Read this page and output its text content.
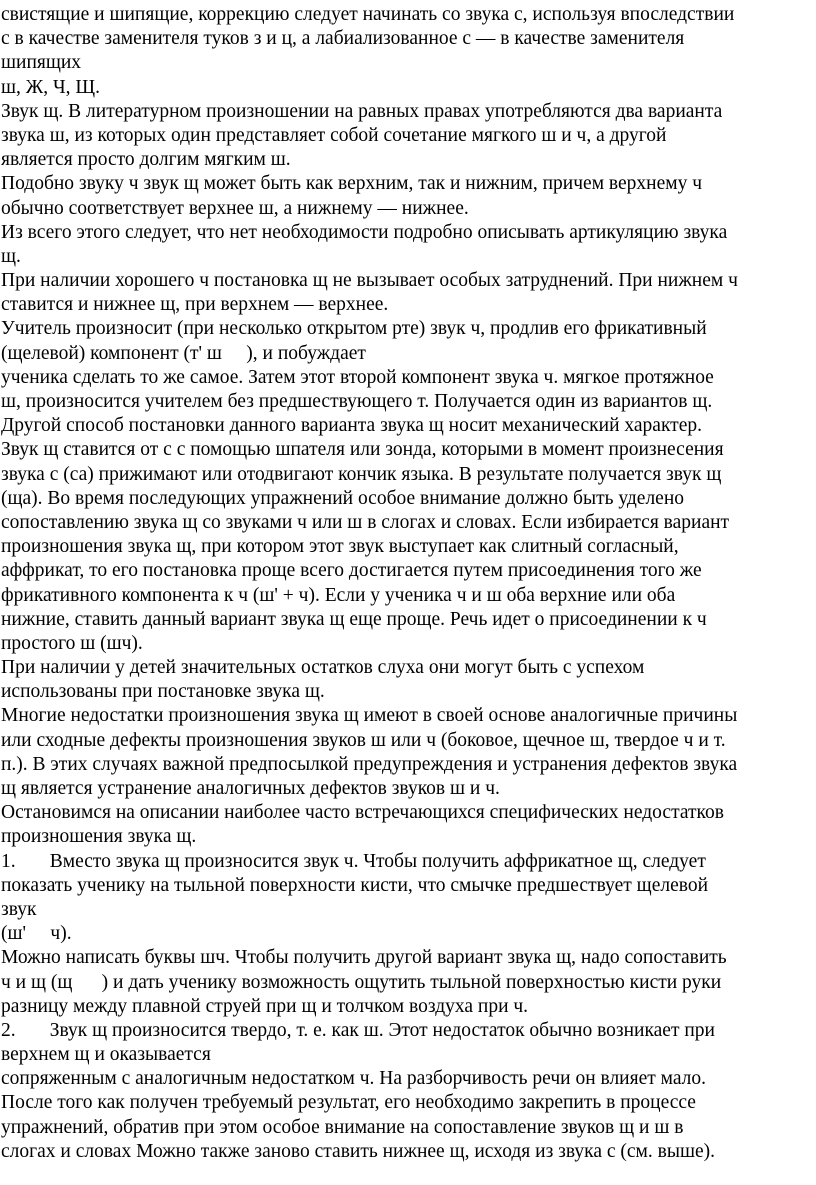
свистящие и шипящие, коррекцию следует начинать со звука с, используя впоследствии
с в качестве заменителя туков з и ц, а лабиализованное с — в качестве заменителя
шипящих
ш, Ж, Ч, Щ.
Звук щ. В литературном произношении на равных правах употребляются два варианта
звука ш, из которых один представляет собой сочетание мягкого ш и ч, а другой
является просто долгим мягким ш.
Подобно звуку ч звук щ может быть как верхним, так и нижним, причем верхнему ч
обычно соответствует верхнее ш, а нижнему — нижнее.
Из всего этого следует, что нет необходимости подробно описывать артикуляцию звука
щ.
При наличии хорошего ч постановка щ не вызывает особых затруднений. При нижнем ч
ставится и нижнее щ, при верхнем — верхнее.
Учитель произносит (при несколько открытом рте) звук ч, продлив его фрикативный
(щелевой) компонент (т' ш     ), и побуждает
ученика сделать то же самое. Затем этот второй компонент звука ч. мягкое протяжное
ш, произносится учителем без предшествующего т. Получается один из вариантов щ.
Другой способ постановки данного варианта звука щ носит механический характер.
Звук щ ставится от с с помощью шпателя или зонда, которыми в момент произнесения
звука с (са) прижимают или отодвигают кончик языка. В результате получается звук щ
(ща). Во время последующих упражнений особое внимание должно быть уделено
сопоставлению звука щ со звуками ч или ш в слогах и словах. Если избирается вариант
произношения звука щ, при котором этот звук выступает как слитный согласный,
аффрикат, то его постановка проще всего достигается путем присоединения того же
фрикативного компонента к ч (ш' + ч). Если у ученика ч и ш оба верхние или оба
нижние, ставить данный вариант звука щ еще проще. Речь идет о присоединении к ч
простого ш (шч).
При наличии у детей значительных остатков слуха они могут быть с успехом
использованы при постановке звука щ.
Многие недостатки произношения звука щ имеют в своей основе аналогичные причины
или сходные дефекты произношения звуков ш или ч (боковое, щечное ш, твердое ч и т.
п.). В этих случаях важной предпосылкой предупреждения и устранения дефектов звука
щ является устранение аналогичных дефектов звуков ш и ч.
Остановимся на описании наиболее часто встречающихся специфических недостатков
произношения звука щ.
1.       Вместо звука щ произносится звук ч. Чтобы получить аффрикатное щ, следует
показать ученику на тыльной поверхности кисти, что смычке предшествует щелевой
звук
(ш'     ч).
Можно написать буквы шч. Чтобы получить другой вариант звука щ, надо сопоставить
ч и щ (щ      ) и дать ученику возможность ощутить тыльной поверхностью кисти руки
разницу между плавной струей при щ и толчком воздуха при ч.
2.       Звук щ произносится твердо, т. е. как ш. Этот недостаток обычно возникает при
верхнем щ и оказывается
сопряженным с аналогичным недостатком ч. На разборчивость речи он влияет мало.
После того как получен требуемый результат, его необходимо закрепить в процессе
упражнений, обратив при этом особое внимание на сопоставление звуков щ и ш в
слогах и словах Можно также заново ставить нижнее щ, исходя из звука с (см. выше).
